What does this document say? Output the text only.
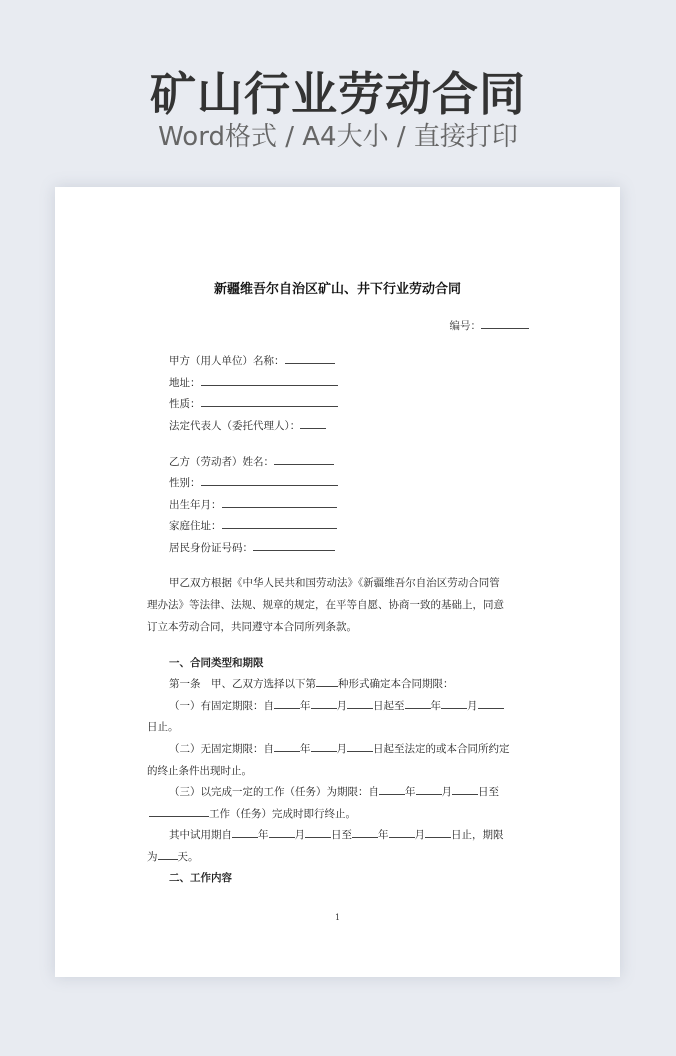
矿山行业劳动合同
Word格式 / A4大小 / 直接打印
新疆维吾尔自治区矿山、井下行业劳动合同
编号：
甲方（用人单位）名称：
地址：
性质：
法定代表人（委托代理人）：
乙方（劳动者）姓名：
性别：
出生年月：
家庭住址：
居民身份证号码：
甲乙双方根据《中华人民共和国劳动法》《新疆维吾尔自治区劳动合同管
理办法》等法律、法规、规章的规定，在平等自愿、协商一致的基础上，同意
订立本劳动合同，共同遵守本合同所列条款。
一、合同类型和期限
第一条　甲、乙双方选择以下第 种形式确定本合同期限：
（一）有固定期限：自 年 月 日起至 年 月
日止。
（二）无固定期限：自 年 月 日起至法定的或本合同所约定
的终止条件出现时止。
（三）以完成一定的工作（任务）为期限：自 年 月 日至
工作（任务）完成时即行终止。
其中试用期自 年 月 日至 年 月 日止，期限
为 天。
二、工作内容
1
